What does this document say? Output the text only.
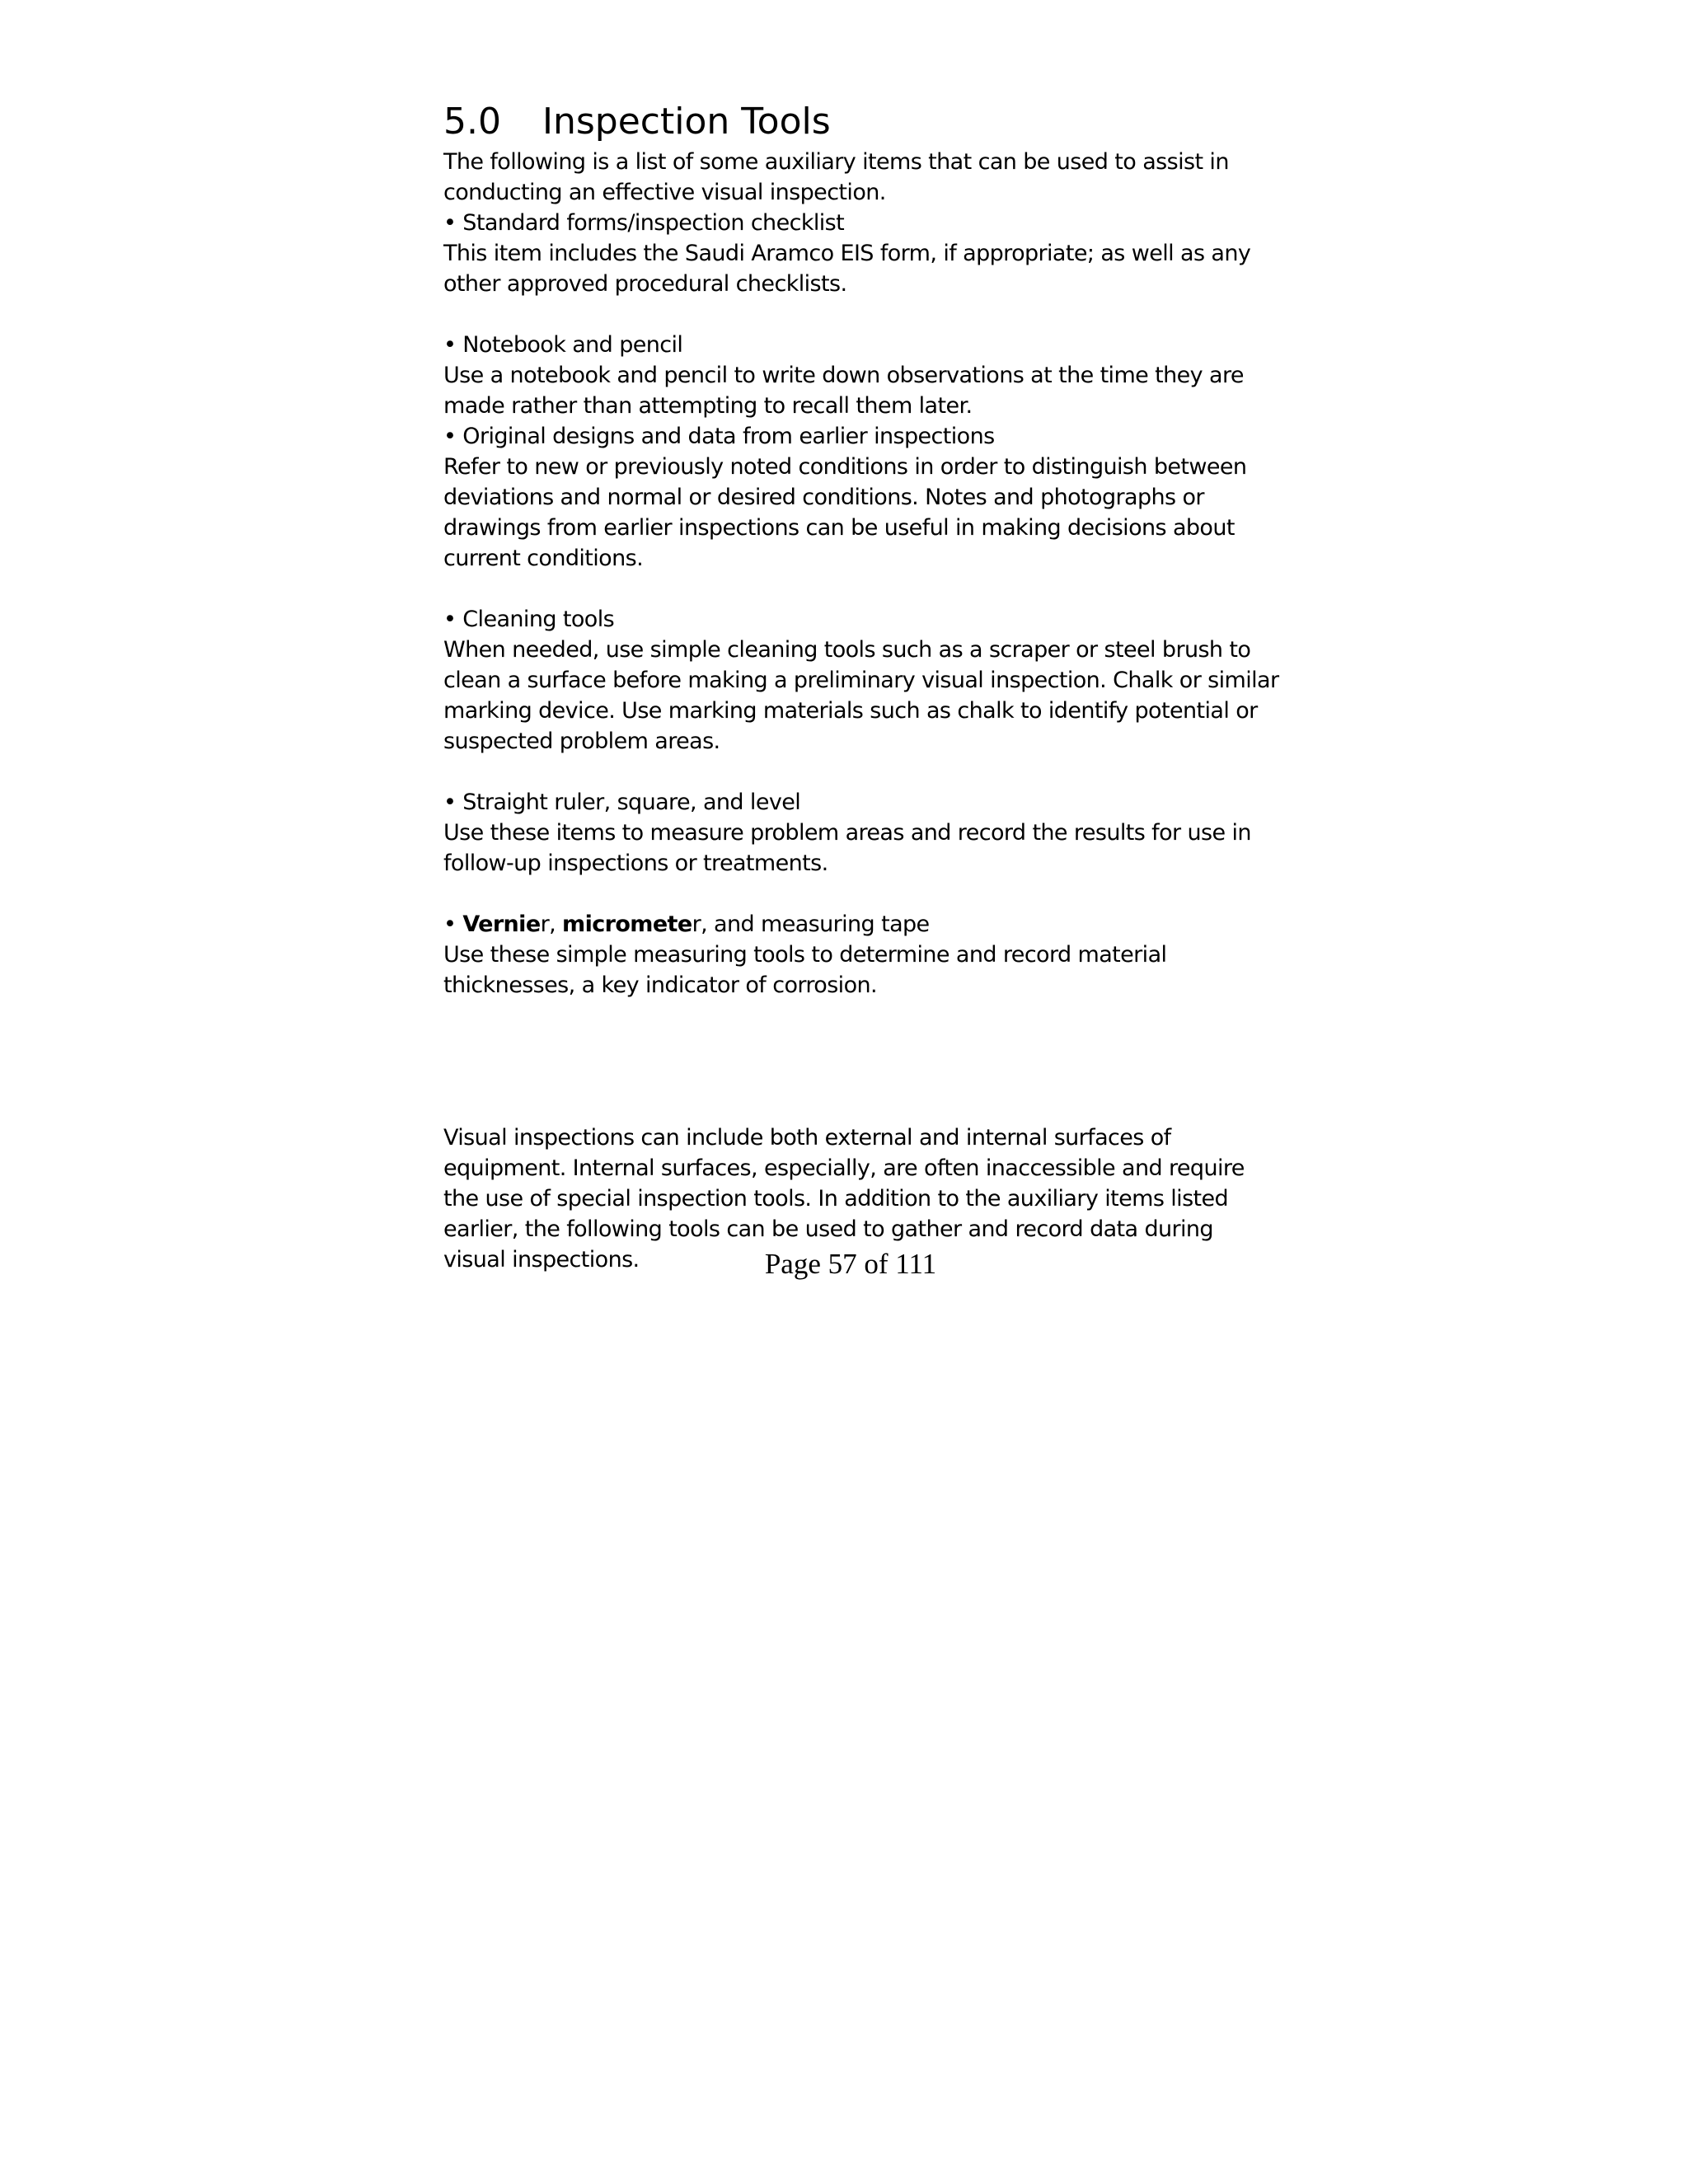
5.0 Inspection Tools

The following is a list of some auxiliary items that can be used to assist in

conducting an effective visual inspection.

• Standard forms/inspection checklist

This item includes the Saudi Aramco EIS form, if appropriate; as well as any

other approved procedural checklists.

• Notebook and pencil

Use a notebook and pencil to write down observations at the time they are

made rather than attempting to recall them later.

• Original designs and data from earlier inspections

Refer to new or previously noted conditions in order to distinguish between

deviations and normal or desired conditions. Notes and photographs or

drawings from earlier inspections can be useful in making decisions about

current conditions.

• Cleaning tools

When needed, use simple cleaning tools such as a scraper or steel brush to

clean a surface before making a preliminary visual inspection. Chalk or similar

marking device. Use marking materials such as chalk to identify potential or

suspected problem areas.

• Straight ruler, square, and level

Use these items to measure problem areas and record the results for use in

follow-up inspections or treatments.

• Vernier, micrometer, and measuring tape

Use these simple measuring tools to determine and record material

thicknesses, a key indicator of corrosion.

Visual inspections can include both external and internal surfaces of

equipment. Internal surfaces, especially, are often inaccessible and require

the use of special inspection tools. In addition to the auxiliary items listed

earlier, the following tools can be used to gather and record data during

visual inspections.	Page 57 of 111
